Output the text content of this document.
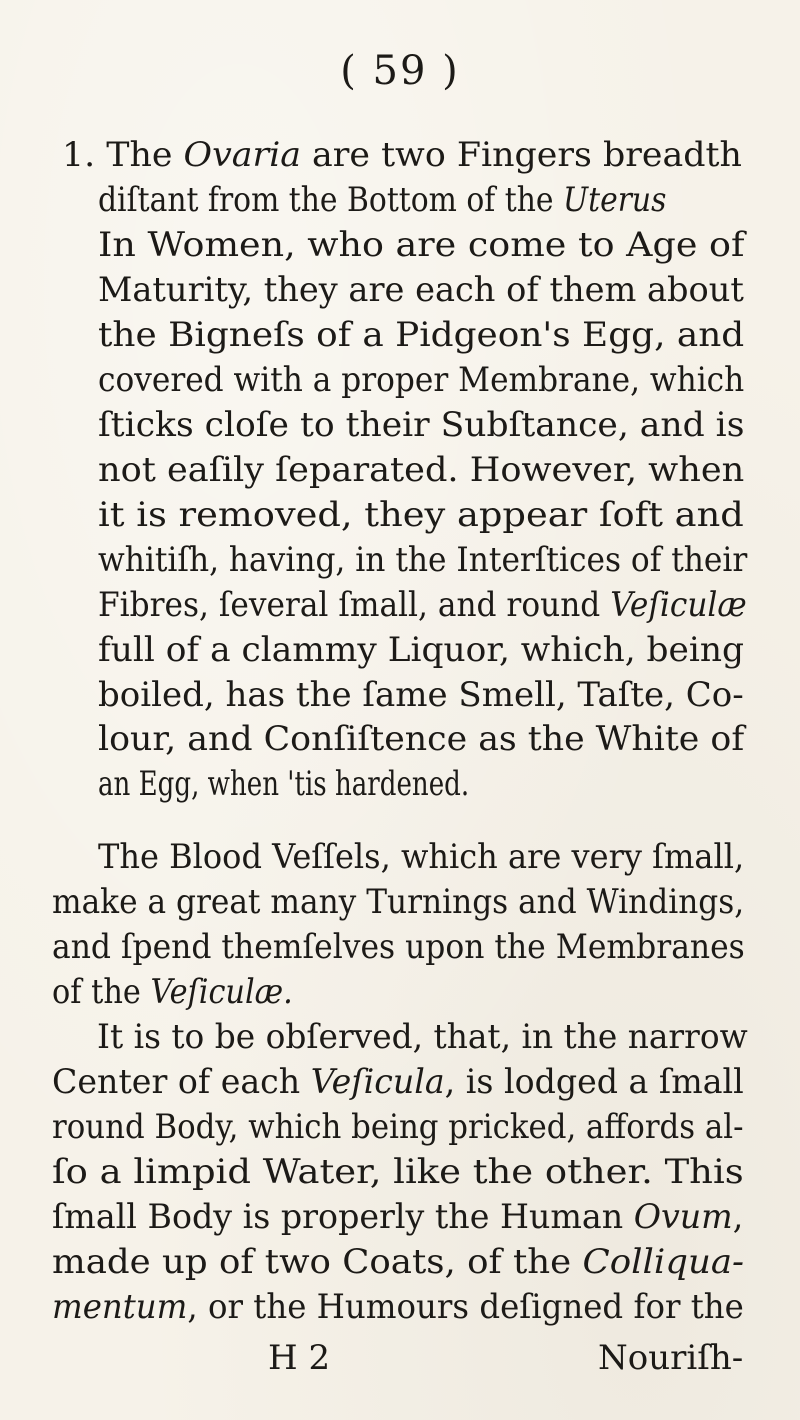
( 59 )
1. The Ovaria are two Fingers breadth
diſtant from the Bottom of the Uterus
In Women, who are come to Age of
Maturity, they are each of them about
the Bigneſs of a Pidgeon's Egg, and
covered with a proper Membrane, which
ſticks cloſe to their Subſtance, and is
not eaſily ſeparated. However, when
it is removed, they appear ſoft and
whitiſh, having, in the Interſtices of their
Fibres, ſeveral ſmall, and round Veſiculæ
full of a clammy Liquor, which, being
boiled, has the ſame Smell, Taſte, Co-
lour, and Conſiſtence as the White of
an Egg, when 'tis hardened.
The Blood Veſſels, which are very ſmall,
make a great many Turnings and Windings,
and ſpend themſelves upon the Membranes
of the Veſiculæ.
It is to be obſerved, that, in the narrow
Center of each Veſicula, is lodged a ſmall
round Body, which being pricked, affords al-
ſo a limpid Water, like the other. This
ſmall Body is properly the Human Ovum,
made up of two Coats, of the Colliqua-
mentum, or the Humours deſigned for the
H 2	Nouriſh-
